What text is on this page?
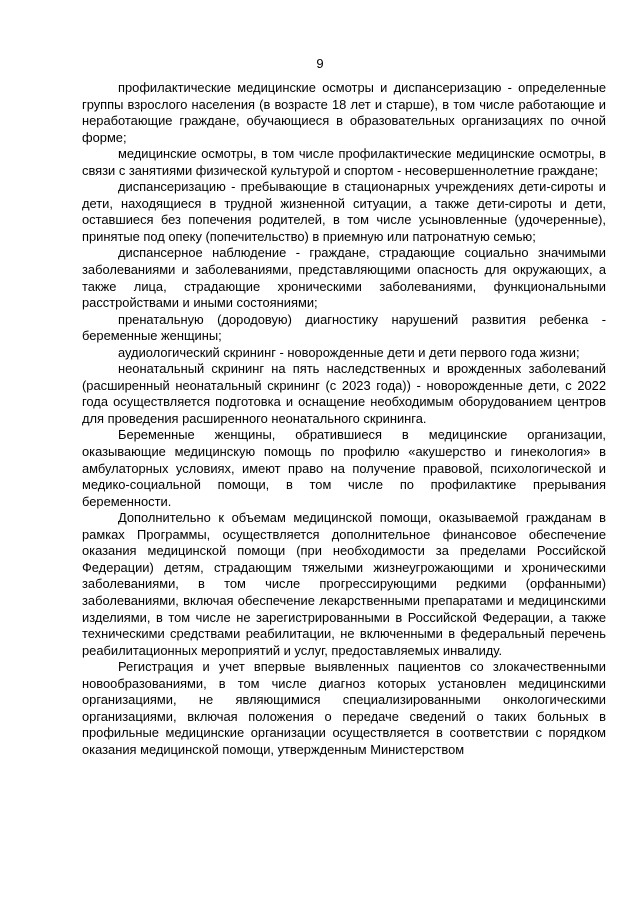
9

профилактические медицинские осмотры и диспансеризацию - определенные группы взрослого населения (в возрасте 18 лет и старше), в том числе работающие и неработающие граждане, обучающиеся в образовательных организациях по очной форме;

медицинские осмотры, в том числе профилактические медицинские осмотры, в связи с занятиями физической культурой и спортом - несовершеннолетние граждане;

диспансеризацию - пребывающие в стационарных учреждениях дети-сироты и дети, находящиеся в трудной жизненной ситуации, а также дети-сироты и дети, оставшиеся без попечения родителей, в том числе усыновленные (удочеренные), принятые под опеку (попечительство) в приемную или патронатную семью;

диспансерное наблюдение - граждане, страдающие социально значимыми заболеваниями и заболеваниями, представляющими опасность для окружающих, а также лица, страдающие хроническими заболеваниями, функциональными расстройствами и иными состояниями;

пренатальную (дородовую) диагностику нарушений развития ребенка - беременные женщины;

аудиологический скрининг - новорожденные дети и дети первого года жизни;

неонатальный скрининг на пять наследственных и врожденных заболеваний (расширенный неонатальный скрининг (с 2023 года)) - новорожденные дети, с 2022 года осуществляется подготовка и оснащение необходимым оборудованием центров для проведения расширенного неонатального скрининга.

Беременные женщины, обратившиеся в медицинские организации, оказывающие медицинскую помощь по профилю «акушерство и гинекология» в амбулаторных условиях, имеют право на получение правовой, психологической и медико-социальной помощи, в том числе по профилактике прерывания беременности.

Дополнительно к объемам медицинской помощи, оказываемой гражданам в рамках Программы, осуществляется дополнительное финансовое обеспечение оказания медицинской помощи (при необходимости за пределами Российской Федерации) детям, страдающим тяжелыми жизнеугрожающими и хроническими заболеваниями, в том числе прогрессирующими редкими (орфанными) заболеваниями, включая обеспечение лекарственными препаратами и медицинскими изделиями, в том числе не зарегистрированными в Российской Федерации, а также техническими средствами реабилитации, не включенными в федеральный перечень реабилитационных мероприятий и услуг, предоставляемых инвалиду.

Регистрация и учет впервые выявленных пациентов со злокачественными новообразованиями, в том числе диагноз которых установлен медицинскими организациями, не являющимися специализированными онкологическими организациями, включая положения о передаче сведений о таких больных в профильные медицинские организации осуществляется в соответствии с порядком оказания медицинской помощи, утвержденным Министерством
